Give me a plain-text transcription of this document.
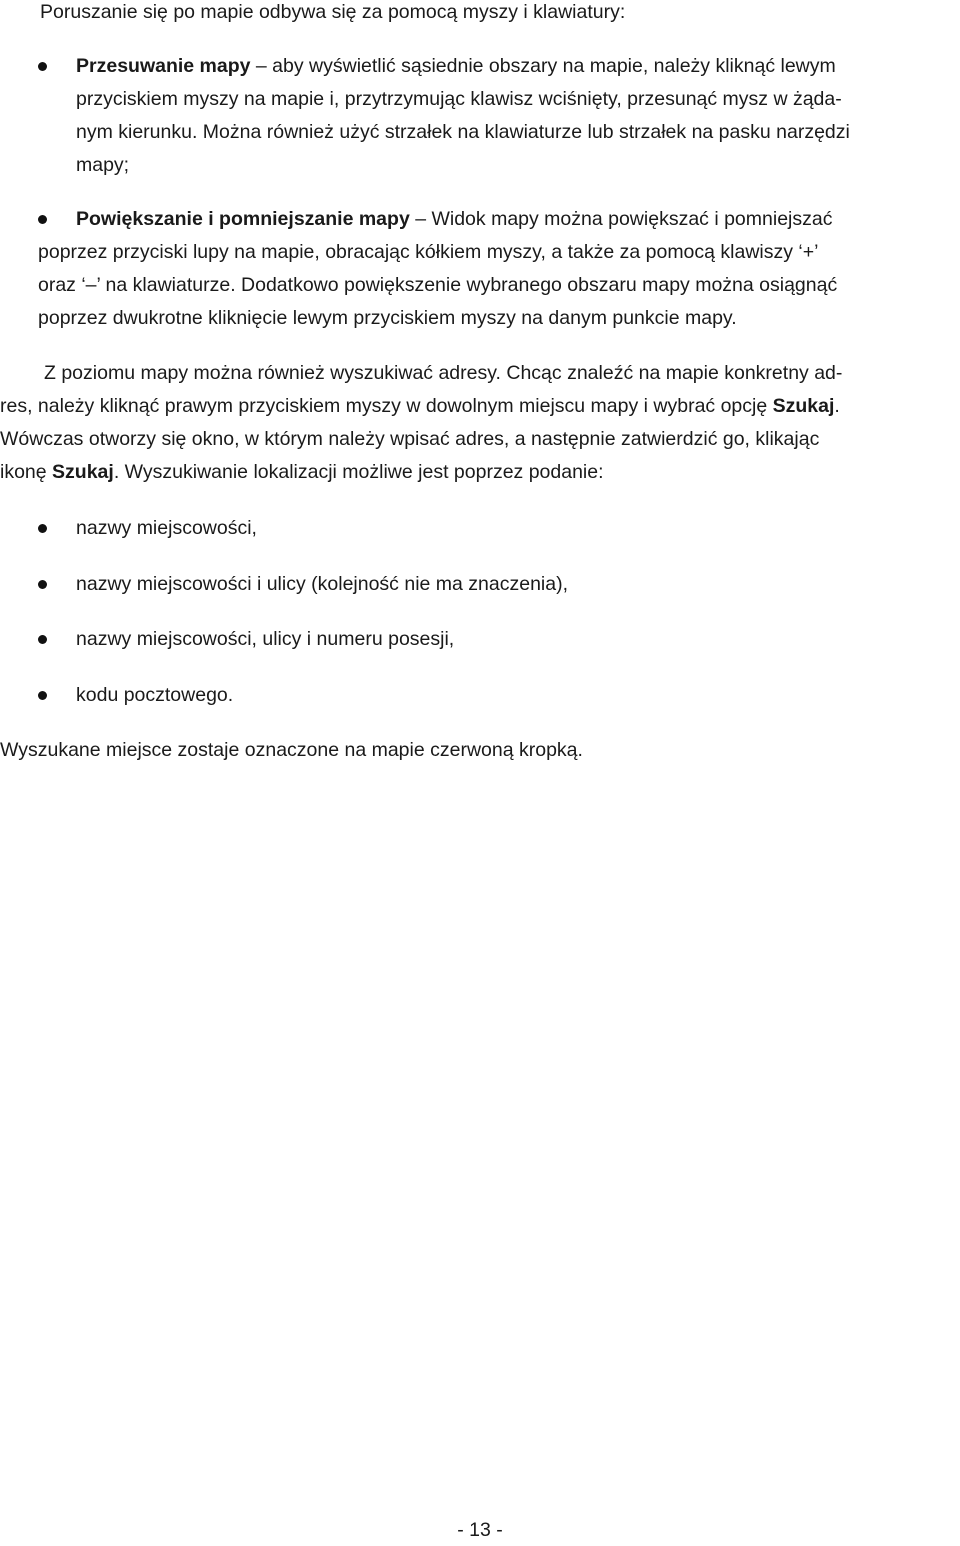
Poruszanie się po mapie odbywa się za pomocą myszy i klawiatury:
Przesuwanie mapy – aby wyświetlić sąsiednie obszary na mapie, należy kliknąć lewym
przyciskiem myszy na mapie i, przytrzymując klawisz wciśnięty, przesunąć mysz w żąda-
nym kierunku. Można również użyć strzałek na klawiaturze lub strzałek na pasku narzędzi
mapy;
Powiększanie i pomniejszanie mapy – Widok mapy można powiększać i pomniejszać
poprzez przyciski lupy na mapie, obracając kółkiem myszy, a także za pomocą klawiszy ‘+’
oraz ‘–’ na klawiaturze. Dodatkowo powiększenie wybranego obszaru mapy można osiągnąć
poprzez dwukrotne kliknięcie lewym przyciskiem myszy na danym punkcie mapy.
Z poziomu mapy można również wyszukiwać adresy. Chcąc znaleźć na mapie konkretny ad-
res, należy kliknąć prawym przyciskiem myszy w dowolnym miejscu mapy i wybrać opcję Szukaj.
Wówczas otworzy się okno, w którym należy wpisać adres, a następnie zatwierdzić go, klikając
ikonę Szukaj. Wyszukiwanie lokalizacji możliwe jest poprzez podanie:
nazwy miejscowości,
nazwy miejscowości i ulicy (kolejność nie ma znaczenia),
nazwy miejscowości, ulicy i numeru posesji,
kodu pocztowego.
Wyszukane miejsce zostaje oznaczone na mapie czerwoną kropką.
- 13 -
